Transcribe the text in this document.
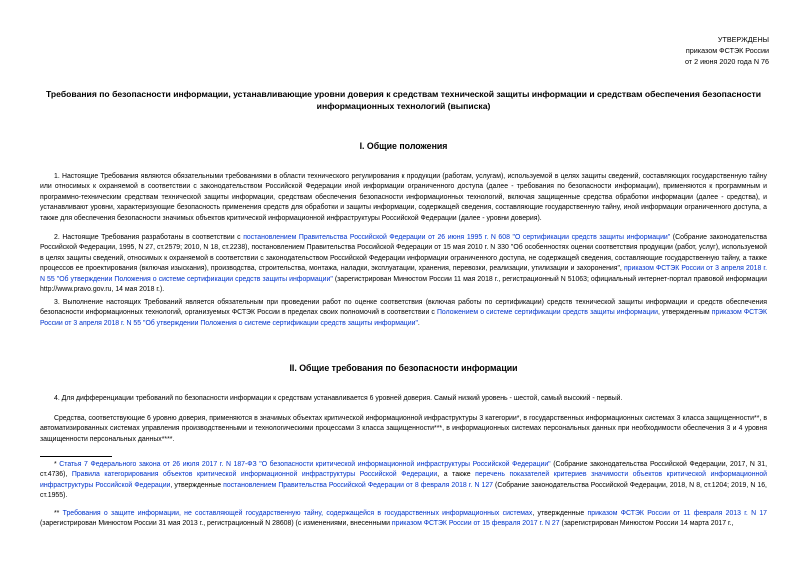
УТВЕРЖДЕНЫ
приказом ФСТЭК России
от 2 июня 2020 года N 76
Требования по безопасности информации, устанавливающие уровни доверия к средствам технической защиты информации и средствам обеспечения безопасности информационных технологий (выписка)
I. Общие положения
1. Настоящие Требования являются обязательными требованиями в области технического регулирования к продукции (работам, услугам), используемой в целях защиты сведений, составляющих государственную тайну или относимых к охраняемой в соответствии с законодательством Российской Федерации иной информации ограниченного доступа (далее - требования по безопасности информации), применяются к программным и программно-техническим средствам технической защиты информации, средствам обеспечения безопасности информационных технологий, включая защищенные средства обработки информации (далее - средства), и устанавливают уровни, характеризующие безопасность применения средств для обработки и защиты информации, содержащей сведения, составляющие государственную тайну, иной информации ограниченного доступа, а также для обеспечения безопасности значимых объектов критической информационной инфраструктуры Российской Федерации (далее - уровни доверия).
2. Настоящие Требования разработаны в соответствии с постановлением Правительства Российской Федерации от 26 июня 1995 г. N 608 "О сертификации средств защиты информации" (Собрание законодательства Российской Федерации, 1995, N 27, ст.2579; 2010, N 18, ст.2238), постановлением Правительства Российской Федерации от 15 мая 2010 г. N 330 "Об особенностях оценки соответствия продукции (работ, услуг), используемой в целях защиты сведений, относимых к охраняемой в соответствии с законодательством Российской Федерации информации ограниченного доступа, не содержащей сведения, составляющие государственную тайну, а также процессов ее проектирования (включая изыскания), производства, строительства, монтажа, наладки, эксплуатации, хранения, перевозки, реализации, утилизации и захоронения", приказом ФСТЭК России от 3 апреля 2018 г. N 55 "Об утверждении Положения о системе сертификации средств защиты информации" (зарегистрирован Минюстом России 11 мая 2018 г., регистрационный N 51063; официальный интернет-портал правовой информации http://www.pravo.gov.ru, 14 мая 2018 г.).
3. Выполнение настоящих Требований является обязательным при проведении работ по оценке соответствия (включая работы по сертификации) средств технической защиты информации и средств обеспечения безопасности информационных технологий, организуемых ФСТЭК России в пределах своих полномочий в соответствии с Положением о системе сертификации средств защиты информации, утвержденным приказом ФСТЭК России от 3 апреля 2018 г. N 55 "Об утверждении Положения о системе сертификации средств защиты информации".
II. Общие требования по безопасности информации
4. Для дифференциации требований по безопасности информации к средствам устанавливается 6 уровней доверия. Самый низкий уровень - шестой, самый высокий - первый.
Средства, соответствующие 6 уровню доверия, применяются в значимых объектах критической информационной инфраструктуры 3 категории*, в государственных информационных системах 3 класса защищенности**, в автоматизированных системах управления производственными и технологическими процессами 3 класса защищенности***, в информационных системах персональных данных при необходимости обеспечения 3 и 4 уровня защищенности персональных данных****.
* Статья 7 Федерального закона от 26 июля 2017 г. N 187-ФЗ "О безопасности критической информационной инфраструктуры Российской Федерации" (Собрание законодательства Российской Федерации, 2017, N 31, ст.4736), Правила категорирования объектов критической информационной инфраструктуры Российской Федерации, а также перечень показателей критериев значимости объектов критической информационной инфраструктуры Российской Федерации, утвержденные постановлением Правительства Российской Федерации от 8 февраля 2018 г. N 127 (Собрание законодательства Российской Федерации, 2018, N 8, ст.1204; 2019, N 16, ст.1955).
** Требования о защите информации, не составляющей государственную тайну, содержащейся в государственных информационных системах, утвержденные приказом ФСТЭК России от 11 февраля 2013 г. N 17 (зарегистрирован Минюстом России 31 мая 2013 г., регистрационный N 28608) (с изменениями, внесенными приказом ФСТЭК России от 15 февраля 2017 г. N 27 (зарегистрирован Минюстом России 14 марта 2017 г.,
